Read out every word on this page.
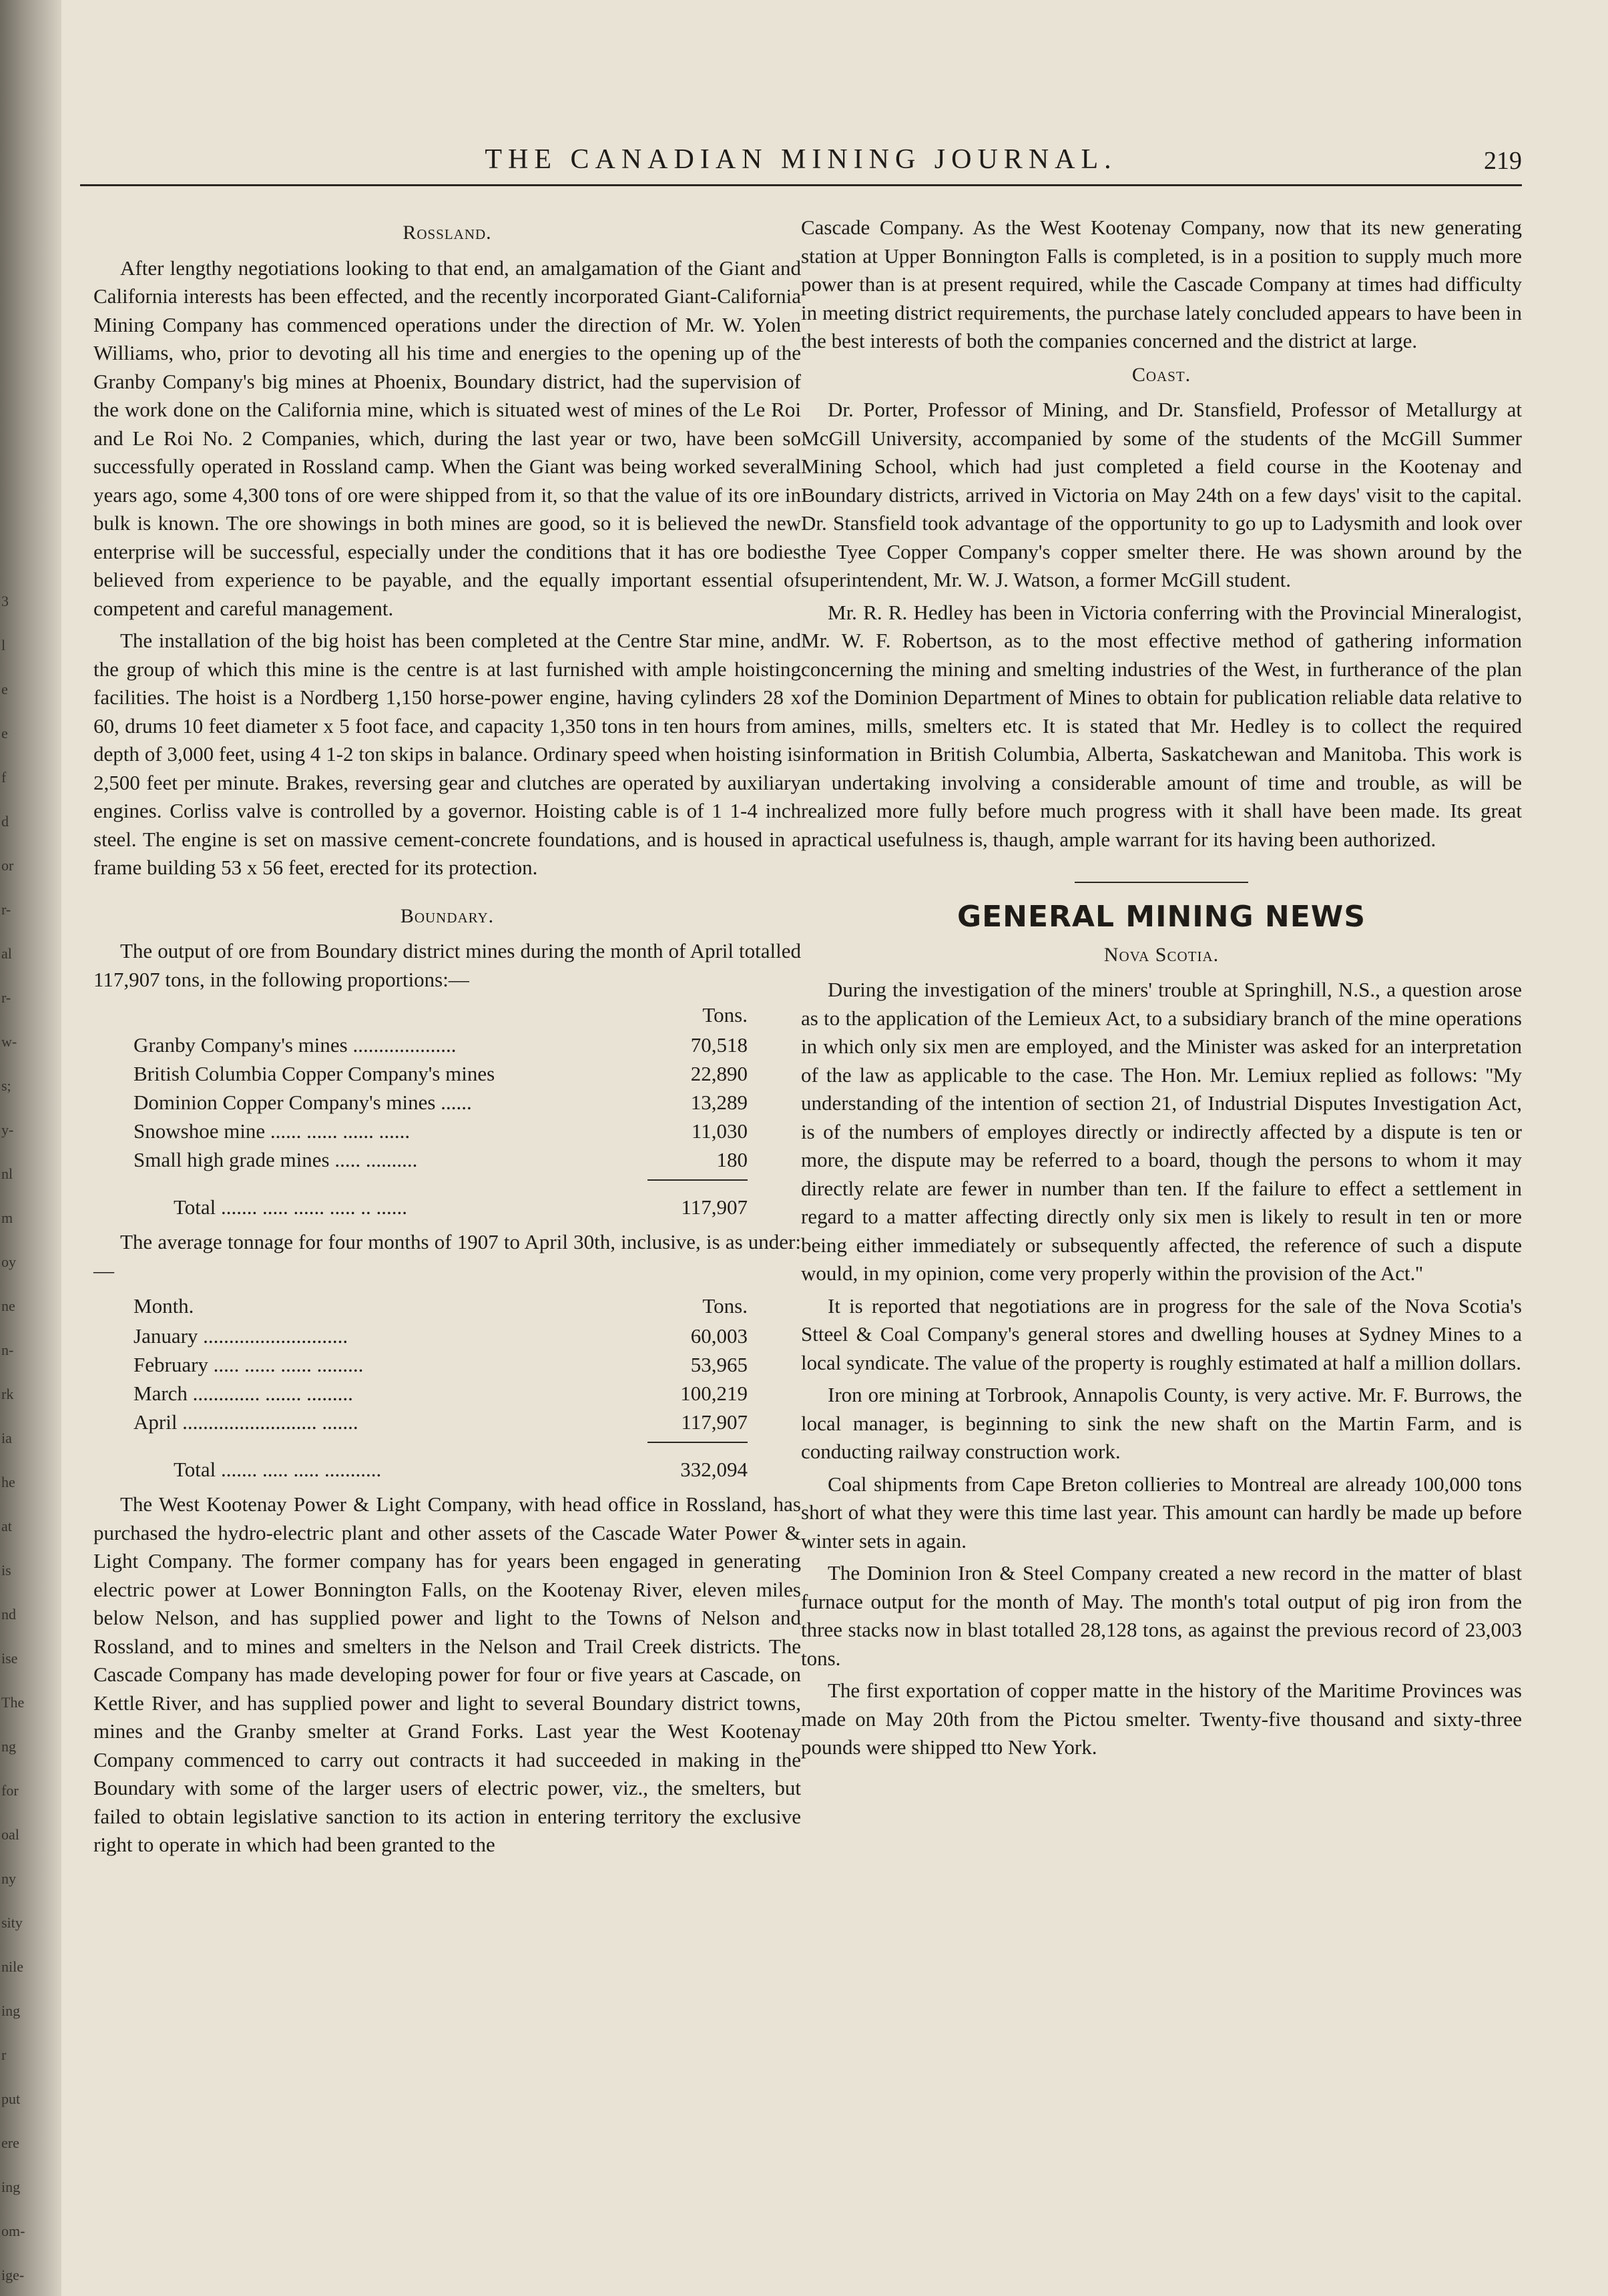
3
l
e
e
f
d
or
r-
al
r-
w-
s;
y-
nl
m
oy
ne
n-
rk
ia
he
at
is
nd
ise
The
ng
for
oal
ny
sity
nile
ing
r
put
ere
ing
om-
ige-
THE CANADIAN MINING JOURNAL.	219
Rossland.

After lengthy negotiations looking to that end, an amalgamation of the Giant and California interests has been effected, and the recently incorporated Giant-California Mining Company has commenced operations under the direction of Mr. W. Yolen Williams, who, prior to devoting all his time and energies to the opening up of the Granby Company's big mines at Phoenix, Boundary district, had the supervision of the work done on the California mine, which is situated west of mines of the Le Roi and Le Roi No. 2 Companies, which, during the last year or two, have been so successfully operated in Rossland camp. When the Giant was being worked several years ago, some 4,300 tons of ore were shipped from it, so that the value of its ore in bulk is known. The ore showings in both mines are good, so it is believed the new enterprise will be successful, especially under the conditions that it has ore bodies believed from experience to be payable, and the equally important essential of competent and careful management.

The installation of the big hoist has been completed at the Centre Star mine, and the group of which this mine is the centre is at last furnished with ample hoisting facilities. The hoist is a Nordberg 1,150 horse-power engine, having cylinders 28 x 60, drums 10 feet diameter x 5 foot face, and capacity 1,350 tons in ten hours from a depth of 3,000 feet, using 4 1-2 ton skips in balance. Ordinary speed when hoisting is 2,500 feet per minute. Brakes, reversing gear and clutches are operated by auxiliary engines. Corliss valve is controlled by a governor. Hoisting cable is of 1 1-4 inch steel. The engine is set on massive cement-concrete foundations, and is housed in a frame building 53 x 56 feet, erected for its protection.

Boundary.

The output of ore from Boundary district mines during the month of April totalled 117,907 tons, in the following proportions:—

	Tons.
Granby Company's mines ....................	70,518
British Columbia Copper Company's mines	22,890
Dominion Copper Company's mines ......	13,289
Snowshoe mine ...... ...... ...... ......	11,030
Small high grade mines ..... ..........	180

Total ....... ..... ...... ..... .. ......	117,907

The average tonnage for four months of 1907 to April 30th, inclusive, is as under:—

Month.	Tons.
January ............................	60,003
February ..... ...... ...... .........	53,965
March ............. ....... .........	100,219
April .......................... .......	117,907

Total ....... ..... ..... ...........	332,094

The West Kootenay Power & Light Company, with head office in Rossland, has purchased the hydro-electric plant and other assets of the Cascade Water Power & Light Company. The former company has for years been engaged in generating electric power at Lower Bonnington Falls, on the Kootenay River, eleven miles below Nelson, and has supplied power and light to the Towns of Nelson and Rossland, and to mines and smelters in the Nelson and Trail Creek districts. The Cascade Company has made developing power for four or five years at Cascade, on Kettle River, and has supplied power and light to several Boundary district towns, mines and the Granby smelter at Grand Forks. Last year the West Kootenay Company commenced to carry out contracts it had succeeded in making in the Boundary with some of the larger users of electric power, viz., the smelters, but failed to obtain legislative sanction to its action in entering territory the exclusive right to operate in which had been granted to the

Cascade Company. As the West Kootenay Company, now that its new generating station at Upper Bonnington Falls is completed, is in a position to supply much more power than is at present required, while the Cascade Company at times had difficulty in meeting district requirements, the purchase lately concluded appears to have been in the best interests of both the companies concerned and the district at large.

Coast.

Dr. Porter, Professor of Mining, and Dr. Stansfield, Professor of Metallurgy at McGill University, accompanied by some of the students of the McGill Summer Mining School, which had just completed a field course in the Kootenay and Boundary districts, arrived in Victoria on May 24th on a few days' visit to the capital. Dr. Stansfield took advantage of the opportunity to go up to Ladysmith and look over the Tyee Copper Company's copper smelter there. He was shown around by the superintendent, Mr. W. J. Watson, a former McGill student.

Mr. R. R. Hedley has been in Victoria conferring with the Provincial Mineralogist, Mr. W. F. Robertson, as to the most effective method of gathering information concerning the mining and smelting industries of the West, in furtherance of the plan of the Dominion Department of Mines to obtain for publication reliable data relative to mines, mills, smelters etc. It is stated that Mr. Hedley is to collect the required information in British Columbia, Alberta, Saskatchewan and Manitoba. This work is an undertaking involving a considerable amount of time and trouble, as will be realized more fully before much progress with it shall have been made. Its great practical usefulness is, thaugh, ample warrant for its having been authorized.

GENERAL MINING NEWS
Nova Scotia.

During the investigation of the miners' trouble at Springhill, N.S., a question arose as to the application of the Lemieux Act, to a subsidiary branch of the mine operations in which only six men are employed, and the Minister was asked for an interpretation of the law as applicable to the case. The Hon. Mr. Lemiux replied as follows: ''My understanding of the intention of section 21, of Industrial Disputes Investigation Act, is of the numbers of employes directly or indirectly affected by a dispute is ten or more, the dispute may be referred to a board, though the persons to whom it may directly relate are fewer in number than ten. If the failure to effect a settlement in regard to a matter affecting directly only six men is likely to result in ten or more being either immediately or subsequently affected, the reference of such a dispute would, in my opinion, come very properly within the provision of the Act.''

It is reported that negotiations are in progress for the sale of the Nova Scotia's Stteel & Coal Company's general stores and dwelling houses at Sydney Mines to a local syndicate. The value of the property is roughly estimated at half a million dollars.

Iron ore mining at Torbrook, Annapolis County, is very active. Mr. F. Burrows, the local manager, is beginning to sink the new shaft on the Martin Farm, and is conducting railway construction work.

Coal shipments from Cape Breton collieries to Montreal are already 100,000 tons short of what they were this time last year. This amount can hardly be made up before winter sets in again.

The Dominion Iron & Steel Company created a new record in the matter of blast furnace output for the month of May. The month's total output of pig iron from the three stacks now in blast totalled 28,128 tons, as against the previous record of 23,003 tons.

The first exportation of copper matte in the history of the Maritime Provinces was made on May 20th from the Pictou smelter. Twenty-five thousand and sixty-three pounds were shipped tto New York.
